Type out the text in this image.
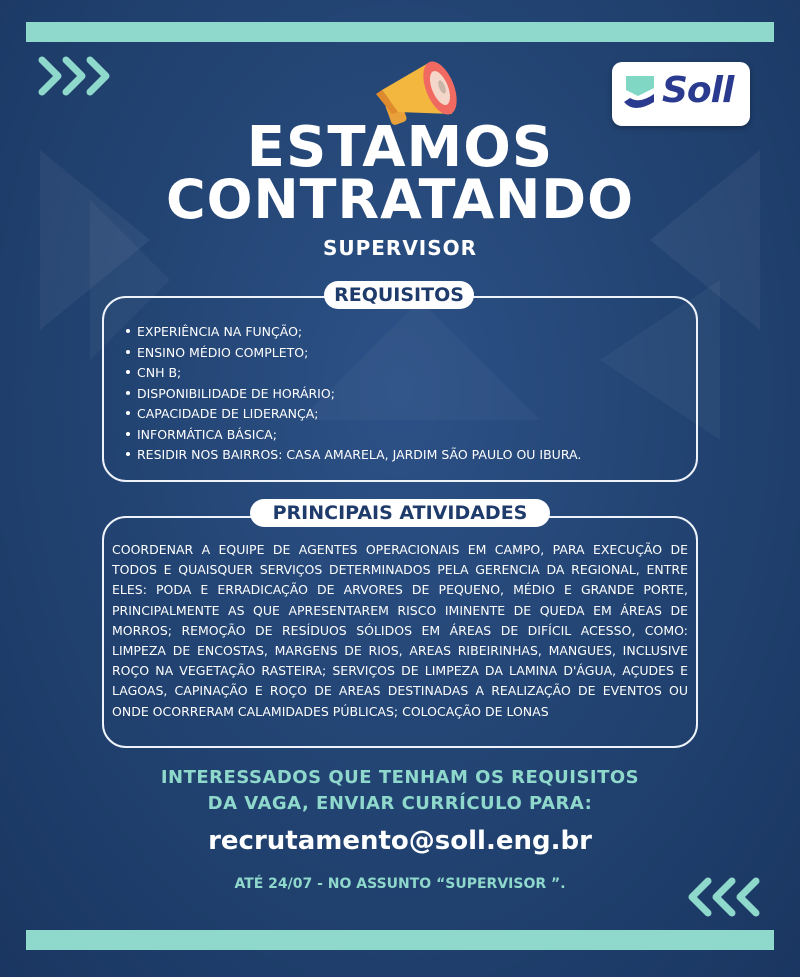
Soll
ESTAMOS
CONTRATANDO
SUPERVISOR
REQUISITOS
EXPERIÊNCIA NA FUNÇÃO;
ENSINO MÉDIO COMPLETO;
CNH B;
DISPONIBILIDADE DE HORÁRIO;
CAPACIDADE DE LIDERANÇA;
INFORMÁTICA BÁSICA;
RESIDIR NOS BAIRROS: CASA AMARELA, JARDIM SÃO PAULO OU IBURA.
PRINCIPAIS ATIVIDADES
COORDENAR A EQUIPE DE AGENTES OPERACIONAIS EM CAMPO, PARA EXECUÇÃO DE TODOS E QUAISQUER SERVIÇOS DETERMINADOS PELA GERENCIA DA REGIONAL, ENTRE ELES: PODA E ERRADICAÇÃO DE ARVORES DE PEQUENO, MÉDIO E GRANDE PORTE, PRINCIPALMENTE AS QUE APRESENTAREM RISCO IMINENTE DE QUEDA EM ÁREAS DE MORROS; REMOÇÃO DE RESÍDUOS SÓLIDOS EM ÁREAS DE DIFÍCIL ACESSO, COMO: LIMPEZA DE ENCOSTAS, MARGENS DE RIOS, AREAS RIBEIRINHAS, MANGUES, INCLUSIVE ROÇO NA VEGETAÇÃO RASTEIRA; SERVIÇOS DE LIMPEZA DA LAMINA D'ÁGUA, AÇUDES E LAGOAS, CAPINAÇÃO E ROÇO DE AREAS DESTINADAS A REALIZAÇÃO DE EVENTOS OU ONDE OCORRERAM CALAMIDADES PÚBLICAS; COLOCAÇÃO DE LONAS
INTERESSADOS QUE TENHAM OS REQUISITOS
DA VAGA, ENVIAR CURRÍCULO PARA:
recrutamento@soll.eng.br
ATÉ 24/07 - NO ASSUNTO “SUPERVISOR ”.
